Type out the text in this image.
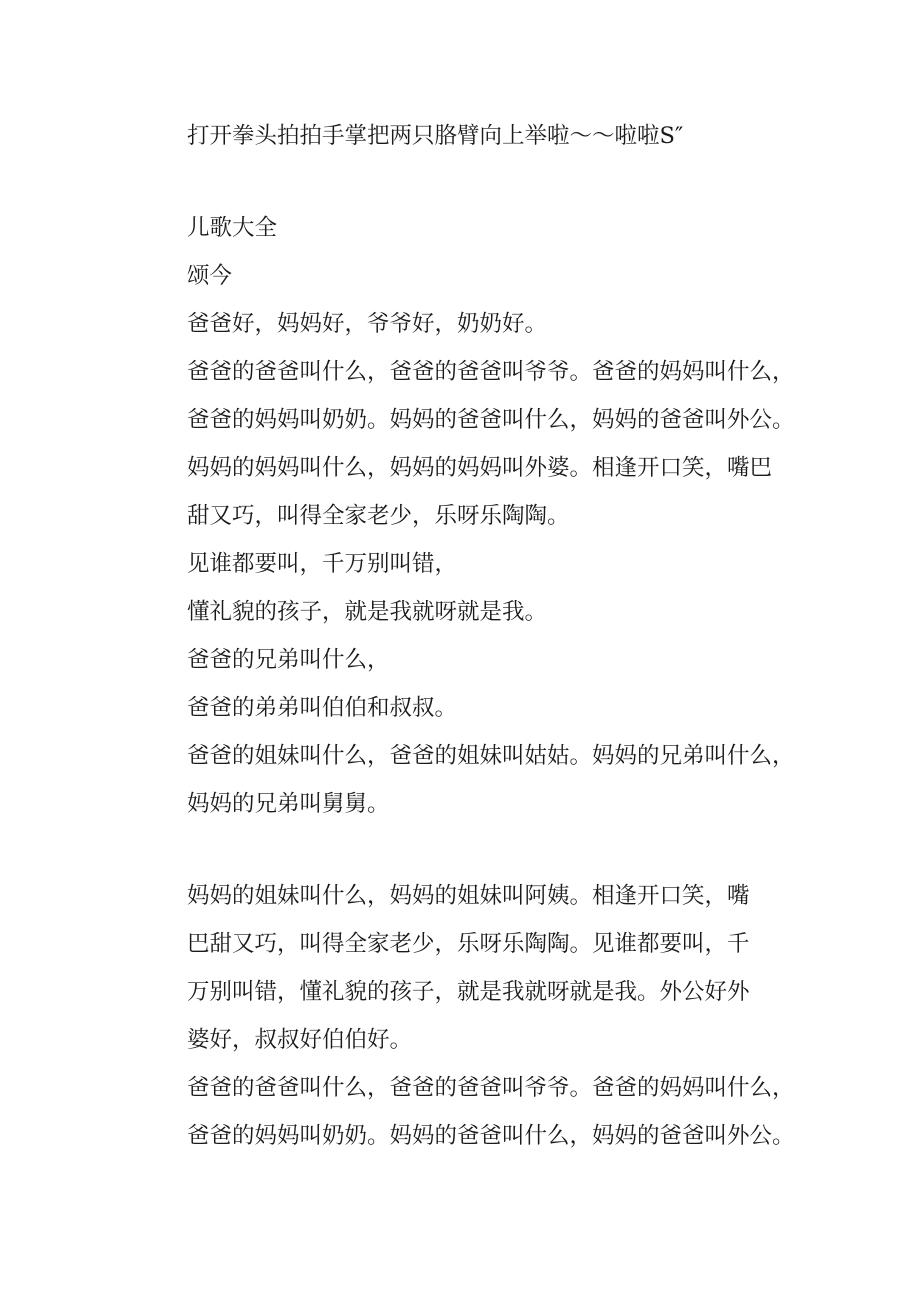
打开拳头拍拍手掌把两只胳臂向上举啦～～啦啦S″
儿歌大全
颂今
爸爸好，妈妈好，爷爷好，奶奶好。
爸爸的爸爸叫什么，爸爸的爸爸叫爷爷。爸爸的妈妈叫什么，
爸爸的妈妈叫奶奶。妈妈的爸爸叫什么，妈妈的爸爸叫外公。
妈妈的妈妈叫什么，妈妈的妈妈叫外婆。相逢开口笑，嘴巴
甜又巧，叫得全家老少，乐呀乐陶陶。
见谁都要叫，千万别叫错，
懂礼貌的孩子，就是我就呀就是我。
爸爸的兄弟叫什么，
爸爸的弟弟叫伯伯和叔叔。
爸爸的姐妹叫什么，爸爸的姐妹叫姑姑。妈妈的兄弟叫什么，
妈妈的兄弟叫舅舅。
妈妈的姐妹叫什么，妈妈的姐妹叫阿姨。相逢开口笑，嘴
巴甜又巧，叫得全家老少，乐呀乐陶陶。见谁都要叫，千
万别叫错，懂礼貌的孩子，就是我就呀就是我。外公好外
婆好，叔叔好伯伯好。
爸爸的爸爸叫什么，爸爸的爸爸叫爷爷。爸爸的妈妈叫什么，
爸爸的妈妈叫奶奶。妈妈的爸爸叫什么，妈妈的爸爸叫外公。
